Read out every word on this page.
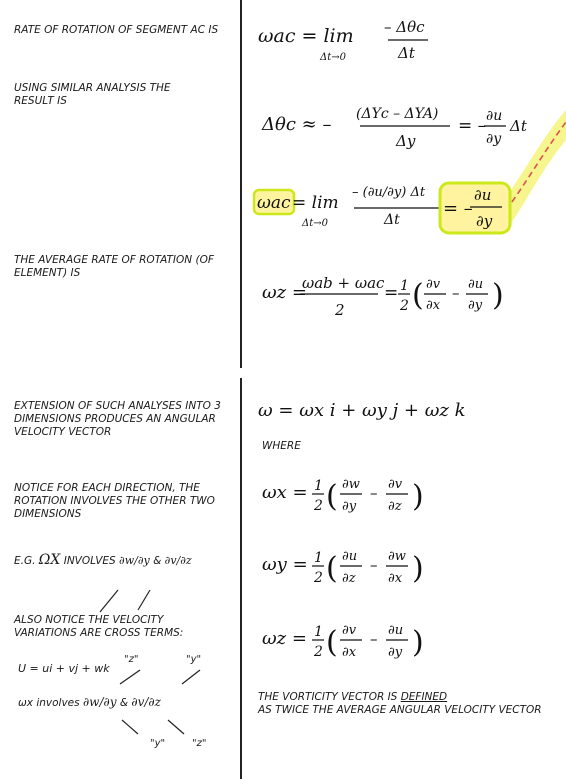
RATE OF ROTATION OF SEGMENT AC IS
USING SIMILAR ANALYSIS THE RESULT IS
THE AVERAGE RATE OF ROTATION (OF ELEMENT) IS
ωac = lim
Δt→0
– Δθc
Δt
Δθc ≈ – (ΔYc – ΔYA)
Δy
= – ∂u
∂y
Δt
ωac = lim
Δt→0
– (∂u/∂y) Δt
Δt
= –
∂u
∂y
ωz =
ωab + ωac
2
= 1
2 ( ∂v
∂x
– ∂u
∂y )
EXTENSION OF SUCH ANALYSES INTO 3 DIMENSIONS PRODUCES AN ANGULAR VELOCITY VECTOR
NOTICE FOR EACH DIRECTION, THE ROTATION INVOLVES THE OTHER TWO DIMENSIONS
E.G. ΩX INVOLVES ∂w/∂y & ∂v/∂z
ALSO NOTICE THE VELOCITY VARIATIONS ARE CROSS TERMS:
U = ui + vj + wk
"z"	"y"
ωx involves ∂w/∂y & ∂v/∂z
"y"	"z"
ω = ωx i + ωy j + ωz k
WHERE
ωx = 1
2 ( ∂w
∂y
– ∂v
∂z )
ωy = 1
2 ( ∂u
∂z
– ∂w
∂x )
ωz = 1
2 ( ∂v
∂x
– ∂u
∂y )

THE VORTICITY VECTOR IS DEFINED

AS TWICE THE AVERAGE ANGULAR VELOCITY VECTOR
